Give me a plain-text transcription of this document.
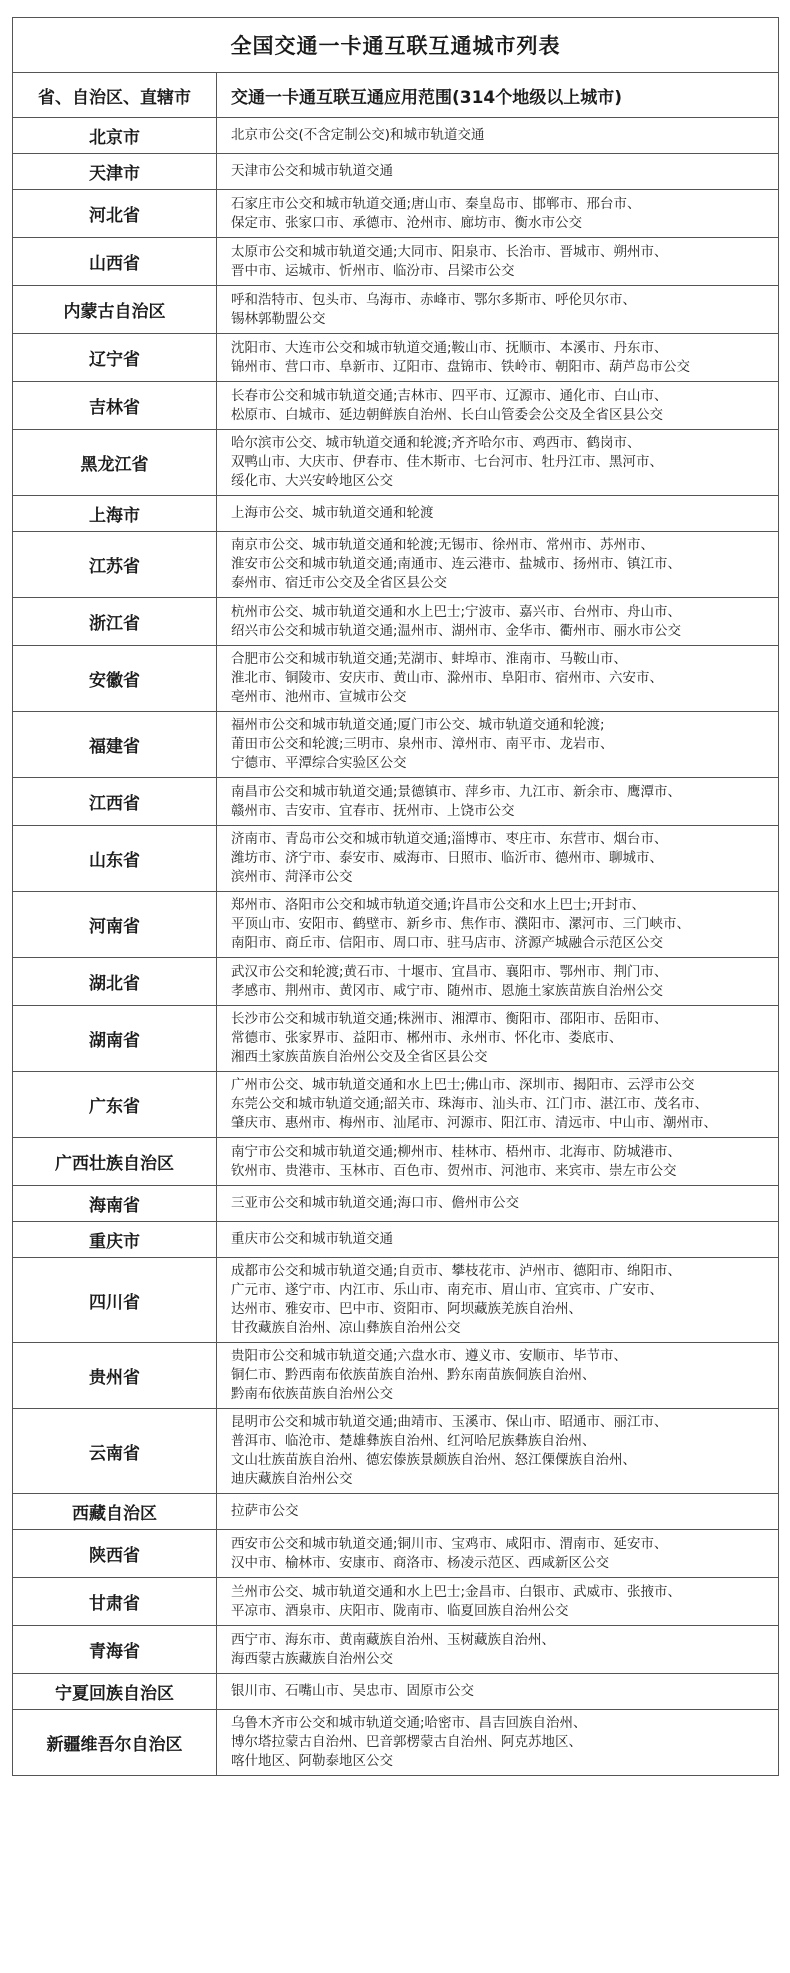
全国交通一卡通互联互通城市列表	
省、自治区、直辖市	交通一卡通互联互通应用范围(314个地级以上城市)
北京市	北京市公交(不含定制公交)和城市轨道交通

天津市	天津市公交和城市轨道交通

河北省	石家庄市公交和城市轨道交通;唐山市、秦皇岛市、邯郸市、邢台市、
保定市、张家口市、承德市、沧州市、廊坊市、衡水市公交

山西省	太原市公交和城市轨道交通;大同市、阳泉市、长治市、晋城市、朔州市、
晋中市、运城市、忻州市、临汾市、吕梁市公交

内蒙古自治区	呼和浩特市、包头市、乌海市、赤峰市、鄂尔多斯市、呼伦贝尔市、
锡林郭勒盟公交

辽宁省	沈阳市、大连市公交和城市轨道交通;鞍山市、抚顺市、本溪市、丹东市、
锦州市、营口市、阜新市、辽阳市、盘锦市、铁岭市、朝阳市、葫芦岛市公交

吉林省	长春市公交和城市轨道交通;吉林市、四平市、辽源市、通化市、白山市、
松原市、白城市、延边朝鲜族自治州、长白山管委会公交及全省区县公交

黑龙江省	哈尔滨市公交、城市轨道交通和轮渡;齐齐哈尔市、鸡西市、鹤岗市、
双鸭山市、大庆市、伊春市、佳木斯市、七台河市、牡丹江市、黑河市、
绥化市、大兴安岭地区公交

上海市	上海市公交、城市轨道交通和轮渡

江苏省	南京市公交、城市轨道交通和轮渡;无锡市、徐州市、常州市、苏州市、
淮安市公交和城市轨道交通;南通市、连云港市、盐城市、扬州市、镇江市、
泰州市、宿迁市公交及全省区县公交

浙江省	杭州市公交、城市轨道交通和水上巴士;宁波市、嘉兴市、台州市、舟山市、
绍兴市公交和城市轨道交通;温州市、湖州市、金华市、衢州市、丽水市公交

安徽省	合肥市公交和城市轨道交通;芜湖市、蚌埠市、淮南市、马鞍山市、
淮北市、铜陵市、安庆市、黄山市、滁州市、阜阳市、宿州市、六安市、
亳州市、池州市、宣城市公交

福建省	福州市公交和城市轨道交通;厦门市公交、城市轨道交通和轮渡;
莆田市公交和轮渡;三明市、泉州市、漳州市、南平市、龙岩市、
宁德市、平潭综合实验区公交

江西省	南昌市公交和城市轨道交通;景德镇市、萍乡市、九江市、新余市、鹰潭市、
赣州市、吉安市、宜春市、抚州市、上饶市公交

山东省	济南市、青岛市公交和城市轨道交通;淄博市、枣庄市、东营市、烟台市、
潍坊市、济宁市、泰安市、威海市、日照市、临沂市、德州市、聊城市、
滨州市、菏泽市公交

河南省	郑州市、洛阳市公交和城市轨道交通;许昌市公交和水上巴士;开封市、
平顶山市、安阳市、鹤壁市、新乡市、焦作市、濮阳市、漯河市、三门峡市、
南阳市、商丘市、信阳市、周口市、驻马店市、济源产城融合示范区公交

湖北省	武汉市公交和轮渡;黄石市、十堰市、宜昌市、襄阳市、鄂州市、荆门市、
孝感市、荆州市、黄冈市、咸宁市、随州市、恩施土家族苗族自治州公交

湖南省	长沙市公交和城市轨道交通;株洲市、湘潭市、衡阳市、邵阳市、岳阳市、
常德市、张家界市、益阳市、郴州市、永州市、怀化市、娄底市、
湘西土家族苗族自治州公交及全省区县公交

广东省	广州市公交、城市轨道交通和水上巴士;佛山市、深圳市、揭阳市、云浮市公交
东莞公交和城市轨道交通;韶关市、珠海市、汕头市、江门市、湛江市、茂名市、
肇庆市、惠州市、梅州市、汕尾市、河源市、阳江市、清远市、中山市、潮州市、

广西壮族自治区	南宁市公交和城市轨道交通;柳州市、桂林市、梧州市、北海市、防城港市、
钦州市、贵港市、玉林市、百色市、贺州市、河池市、来宾市、崇左市公交

海南省	三亚市公交和城市轨道交通;海口市、儋州市公交

重庆市	重庆市公交和城市轨道交通

四川省	成都市公交和城市轨道交通;自贡市、攀枝花市、泸州市、德阳市、绵阳市、
广元市、遂宁市、内江市、乐山市、南充市、眉山市、宜宾市、广安市、
达州市、雅安市、巴中市、资阳市、阿坝藏族羌族自治州、
甘孜藏族自治州、凉山彝族自治州公交

贵州省	贵阳市公交和城市轨道交通;六盘水市、遵义市、安顺市、毕节市、
铜仁市、黔西南布依族苗族自治州、黔东南苗族侗族自治州、
黔南布依族苗族自治州公交

云南省	昆明市公交和城市轨道交通;曲靖市、玉溪市、保山市、昭通市、丽江市、
普洱市、临沧市、楚雄彝族自治州、红河哈尼族彝族自治州、
文山壮族苗族自治州、德宏傣族景颇族自治州、怒江傈僳族自治州、
迪庆藏族自治州公交

西藏自治区	拉萨市公交

陕西省	西安市公交和城市轨道交通;铜川市、宝鸡市、咸阳市、渭南市、延安市、
汉中市、榆林市、安康市、商洛市、杨凌示范区、西咸新区公交

甘肃省	兰州市公交、城市轨道交通和水上巴士;金昌市、白银市、武威市、张掖市、
平凉市、酒泉市、庆阳市、陇南市、临夏回族自治州公交

青海省	西宁市、海东市、黄南藏族自治州、玉树藏族自治州、
海西蒙古族藏族自治州公交

宁夏回族自治区	银川市、石嘴山市、吴忠市、固原市公交

新疆维吾尔自治区	乌鲁木齐市公交和城市轨道交通;哈密市、昌吉回族自治州、
博尔塔拉蒙古自治州、巴音郭楞蒙古自治州、阿克苏地区、
喀什地区、阿勒泰地区公交
